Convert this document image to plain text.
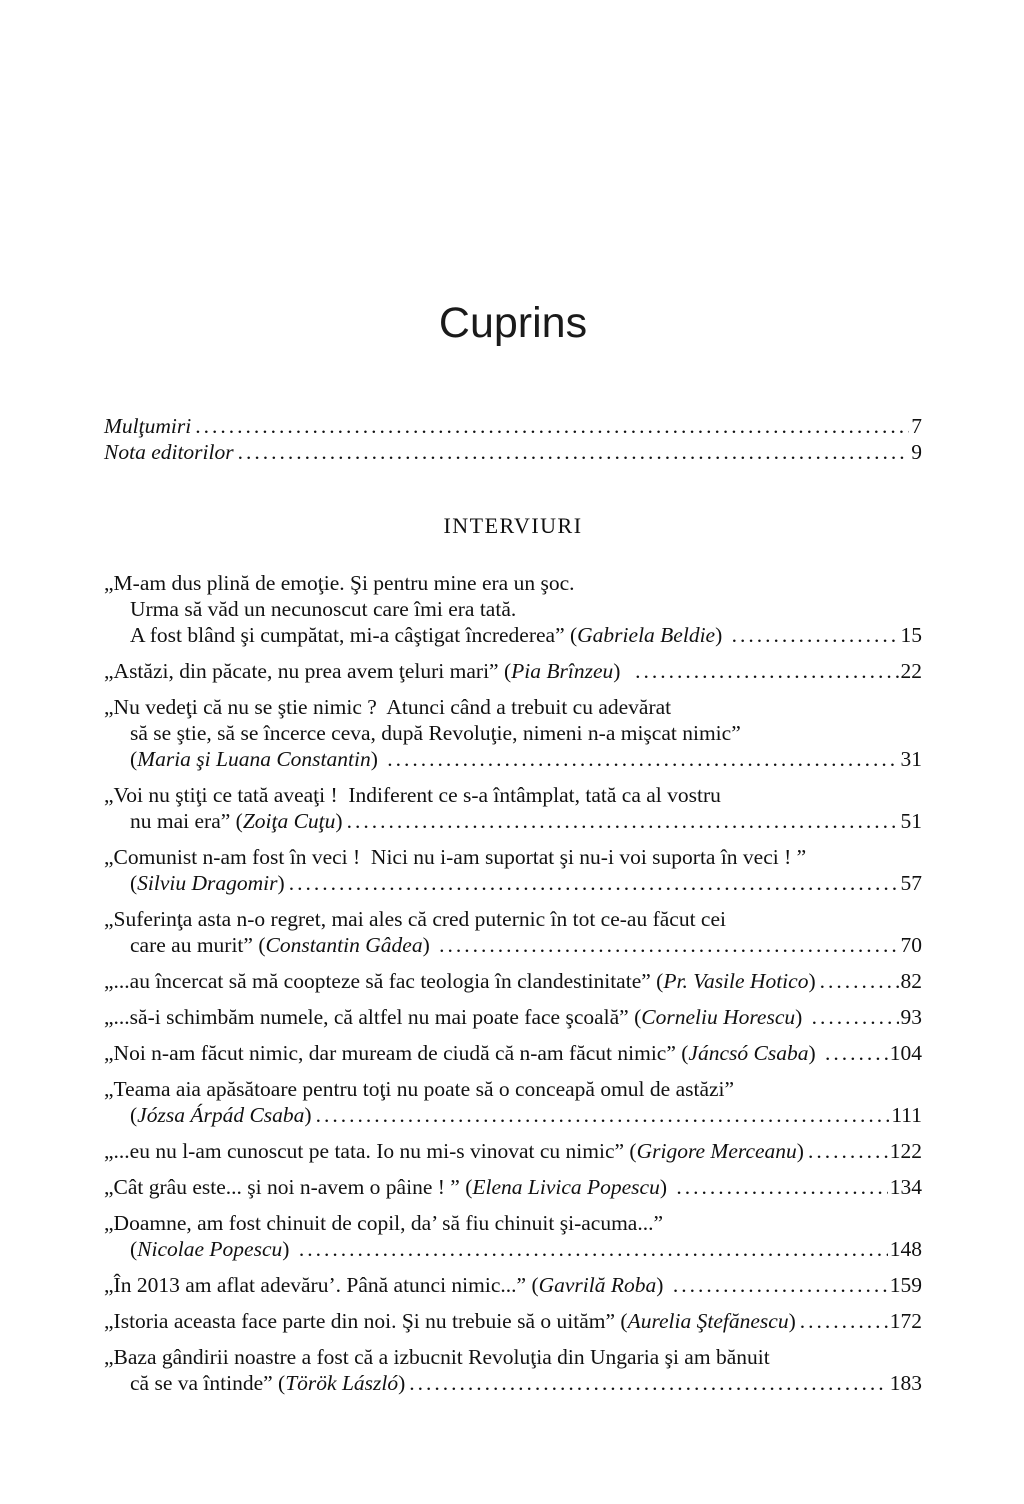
Cuprins
Mulţumiri .....	7
Nota editorilor .....	9
INTERVIURI
„M-am dus plină de emoţie. Şi pentru mine era un şoc.
Urma să văd un necunoscut care îmi era tată.
A fost blând şi cumpătat, mi-a câştigat încrederea” ( Gabriela Beldie ) .....	15
„Astăzi, din păcate, nu prea avem ţeluri mari” ( Pia Brînzeu ) .....	22
„Nu vedeţi că nu se ştie nimic ?  Atunci când a trebuit cu adevărat
să se ştie, să se încerce ceva, după Revoluţie, nimeni n-a mişcat nimic”
( Maria şi Luana Constantin ) .....	31
„Voi nu ştiţi ce tată aveaţi !  Indiferent ce s-a întâmplat, tată ca al vostru
nu mai era” ( Zoiţa Cuţu ) .....	51
„Comunist n-am fost în veci !  Nici nu i-am suportat şi nu-i voi suporta în veci ! ”
( Silviu Dragomir ) .....	57
„Suferinţa asta n-o regret, mai ales că cred puternic în tot ce-au făcut cei
care au murit” ( Constantin Gâdea ) .....	70
„...au încercat să mă coopteze să fac teologia în clandestinitate” ( Pr. Vasile Hotico ) .....	82
„...să-i schimbăm numele, că altfel nu mai poate face şcoală” ( Corneliu Horescu ) .....	93
„Noi n-am făcut nimic, dar muream de ciudă că n-am făcut nimic” ( Jáncsó Csaba ) .....	104
„Teama aia apăsătoare pentru toţi nu poate să o conceapă omul de astăzi”
( Józsa Árpád Csaba ) .....	111
„...eu nu l-am cunoscut pe tata. Io nu mi-s vinovat cu nimic” ( Grigore Merceanu ) .....	122
„Cât grâu este... şi noi n-avem o pâine ! ” ( Elena Livica Popescu ) .....	134
„Doamne, am fost chinuit de copil, da’ să fiu chinuit şi-acuma...”
( Nicolae Popescu ) .....	148
„În 2013 am aflat adevăru’. Până atunci nimic...” ( Gavrilă Roba ) .....	159
„Istoria aceasta face parte din noi. Şi nu trebuie să o uităm” ( Aurelia Ştefănescu ) .....	172
„Baza gândirii noastre a fost că a izbucnit Revoluţia din Ungaria şi am bănuit
că se va întinde” ( Török László ) .....	183
